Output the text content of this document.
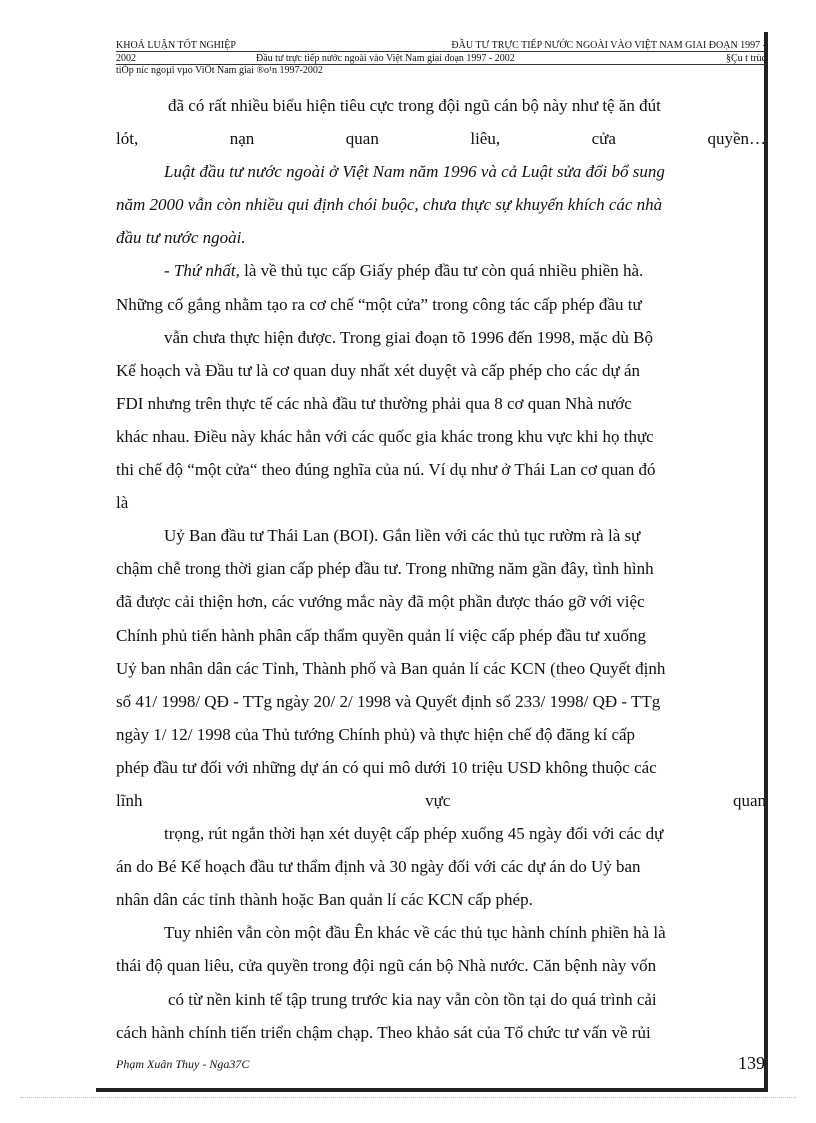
KHOÁ LUẬN TỐT NGHIỆP	ĐẦU TƯ TRỰC TIẾP NƯỚC NGOÀI VÀO VIỆT NAM GIAI ĐOẠN 1997 -
2002	Đầu tư trực tiếp nước ngoài vào Việt Nam giai đoạn 1997 - 2002	§Çu t trùc
tiÕp níc ngoµi vµo ViÖt Nam giai ®o¹n 1997-2002
đã có rất nhiều biểu hiện tiêu cực trong đội ngũ cán bộ này như tệ ăn đút
lót,	nạn	quan	liêu,	cửa	quyền…
Luật đầu tư nước ngoài ở Việt Nam năm 1996 và cả Luật sửa đổi bổ sung
năm 2000 vẫn còn nhiều qui định chói buộc, chưa thực sự khuyến khích các nhà
đầu tư nước ngoài.
- Thứ nhất, là về thủ tục cấp Giấy phép đầu tư còn quá nhiều phiền hà.
Những cố gắng nhằm tạo ra cơ chế “một cửa” trong công tác cấp phép đầu tư
vẫn chưa thực hiện được. Trong giai đoạn tõ 1996 đến 1998, mặc dù Bộ
Kế hoạch và Đầu tư là cơ quan duy nhất xét duyệt và cấp phép cho các dự án
FDI nhưng trên thực tế các nhà đầu tư thường phải qua 8 cơ quan Nhà nước
khác nhau. Điều này khác hẳn với các quốc gia khác trong khu vực khi họ thực
thi chế độ “một cửa“ theo đúng nghĩa của nú. Ví dụ như ở Thái Lan cơ quan đó
là
Uỷ Ban đầu tư Thái Lan (BOI). Gắn liền với các thủ tục rườm rà là sự
chậm chễ trong thời gian cấp phép đầu tư. Trong những năm gần đây, tình hình
đã được cải thiện hơn, các vướng mắc này đã một phần được tháo gỡ với việc
Chính phủ tiến hành phân cấp thẩm quyền quản lí việc cấp phép đầu tư xuống
Uỷ ban nhân dân các Tỉnh, Thành phố và Ban quản lí các KCN (theo Quyết định
số 41/ 1998/ QĐ - TTg ngày 20/ 2/ 1998 và Quyết định số 233/ 1998/ QĐ - TTg
ngày 1/ 12/ 1998 của Thủ tướng Chính phủ) và thực hiện chế độ đăng kí cấp
phép đầu tư đối với những dự án có qui mô dưới 10 triệu USD không thuộc các
lĩnh	vực	quan
trọng, rút ngắn thời hạn xét duyệt cấp phép xuống 45 ngày đối với các dự
án do Bé Kế hoạch đầu tư thẩm định và 30 ngày đối với các dự án do Uỷ ban
nhân dân các tỉnh thành hoặc Ban quản lí các KCN cấp phép.
Tuy nhiên vẫn còn một đầu Ên khác về các thủ tục hành chính phiền hà là
thái độ quan liêu, cửa quyền trong đội ngũ cán bộ Nhà nước. Căn bệnh này vốn
có từ nền kinh tế tập trung trước kia nay vẫn còn tồn tại do quá trình cải
cách hành chính tiến triển chậm chạp. Theo khảo sát của Tổ chức tư vấn về rủi
Phạm Xuân Thuy - Nga37C	139
